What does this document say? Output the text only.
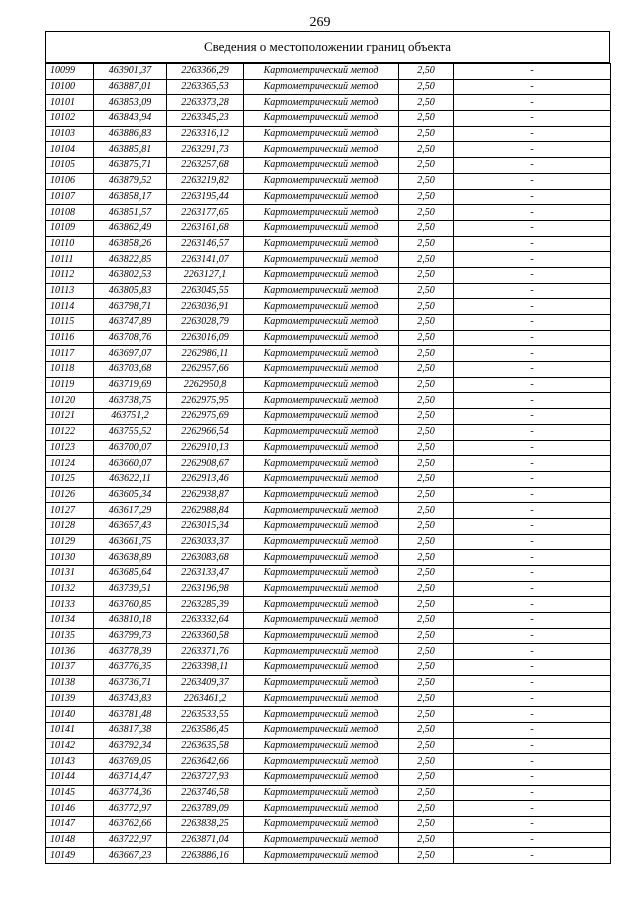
269
Сведения о местоположении границ объекта
10099	463901,37	2263366,29	Картометрический метод	2,50	-
10100	463887,01	2263365,53	Картометрический метод	2,50	-
10101	463853,09	2263373,28	Картометрический метод	2,50	-
10102	463843,94	2263345,23	Картометрический метод	2,50	-
10103	463886,83	2263316,12	Картометрический метод	2,50	-
10104	463885,81	2263291,73	Картометрический метод	2,50	-
10105	463875,71	2263257,68	Картометрический метод	2,50	-
10106	463879,52	2263219,82	Картометрический метод	2,50	-
10107	463858,17	2263195,44	Картометрический метод	2,50	-
10108	463851,57	2263177,65	Картометрический метод	2,50	-
10109	463862,49	2263161,68	Картометрический метод	2,50	-
10110	463858,26	2263146,57	Картометрический метод	2,50	-
10111	463822,85	2263141,07	Картометрический метод	2,50	-
10112	463802,53	2263127,1	Картометрический метод	2,50	-
10113	463805,83	2263045,55	Картометрический метод	2,50	-
10114	463798,71	2263036,91	Картометрический метод	2,50	-
10115	463747,89	2263028,79	Картометрический метод	2,50	-
10116	463708,76	2263016,09	Картометрический метод	2,50	-
10117	463697,07	2262986,11	Картометрический метод	2,50	-
10118	463703,68	2262957,66	Картометрический метод	2,50	-
10119	463719,69	2262950,8	Картометрический метод	2,50	-
10120	463738,75	2262975,95	Картометрический метод	2,50	-
10121	463751,2	2262975,69	Картометрический метод	2,50	-
10122	463755,52	2262966,54	Картометрический метод	2,50	-
10123	463700,07	2262910,13	Картометрический метод	2,50	-
10124	463660,07	2262908,67	Картометрический метод	2,50	-
10125	463622,11	2262913,46	Картометрический метод	2,50	-
10126	463605,34	2262938,87	Картометрический метод	2,50	-
10127	463617,29	2262988,84	Картометрический метод	2,50	-
10128	463657,43	2263015,34	Картометрический метод	2,50	-
10129	463661,75	2263033,37	Картометрический метод	2,50	-
10130	463638,89	2263083,68	Картометрический метод	2,50	-
10131	463685,64	2263133,47	Картометрический метод	2,50	-
10132	463739,51	2263196,98	Картометрический метод	2,50	-
10133	463760,85	2263285,39	Картометрический метод	2,50	-
10134	463810,18	2263332,64	Картометрический метод	2,50	-
10135	463799,73	2263360,58	Картометрический метод	2,50	-
10136	463778,39	2263371,76	Картометрический метод	2,50	-
10137	463776,35	2263398,11	Картометрический метод	2,50	-
10138	463736,71	2263409,37	Картометрический метод	2,50	-
10139	463743,83	2263461,2	Картометрический метод	2,50	-
10140	463781,48	2263533,55	Картометрический метод	2,50	-
10141	463817,38	2263586,45	Картометрический метод	2,50	-
10142	463792,34	2263635,58	Картометрический метод	2,50	-
10143	463769,05	2263642,66	Картометрический метод	2,50	-
10144	463714,47	2263727,93	Картометрический метод	2,50	-
10145	463774,36	2263746,58	Картометрический метод	2,50	-
10146	463772,97	2263789,09	Картометрический метод	2,50	-
10147	463762,66	2263838,25	Картометрический метод	2,50	-
10148	463722,97	2263871,04	Картометрический метод	2,50	-
10149	463667,23	2263886,16	Картометрический метод	2,50	-
